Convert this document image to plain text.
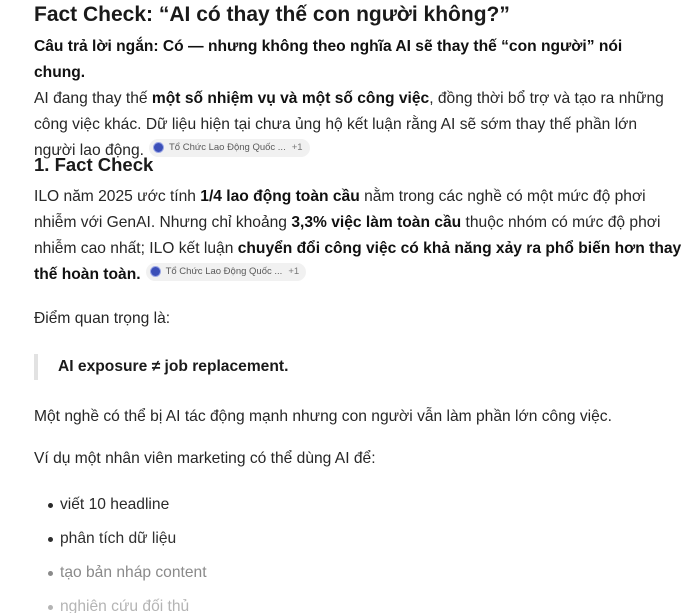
Fact Check: “AI có thay thế con người không?”
Câu trả lời ngắn: Có — nhưng không theo nghĩa AI sẽ thay thế “con người” nói chung.
AI đang thay thế một số nhiệm vụ và một số công việc, đồng thời bổ trợ và tạo ra những công việc khác. Dữ liệu hiện tại chưa ủng hộ kết luận rằng AI sẽ sớm thay thế phần lớn người lao động.	Tổ Chức Lao Động Quốc ... +1
1. Fact Check
ILO năm 2025 ước tính 1/4 lao động toàn cầu nằm trong các nghề có một mức độ phơi nhiễm với GenAI. Nhưng chỉ khoảng 3,3% việc làm toàn cầu thuộc nhóm có mức độ phơi nhiễm cao nhất; ILO kết luận chuyển đổi công việc có khả năng xảy ra phổ biến hơn thay thế hoàn toàn.	Tổ Chức Lao Động Quốc ... +1
Điểm quan trọng là:
AI exposure ≠ job replacement.
Một nghề có thể bị AI tác động mạnh nhưng con người vẫn làm phần lớn công việc.
Ví dụ một nhân viên marketing có thể dùng AI để:
viết 10 headline
phân tích dữ liệu
tạo bản nháp content
nghiên cứu đối thủ
